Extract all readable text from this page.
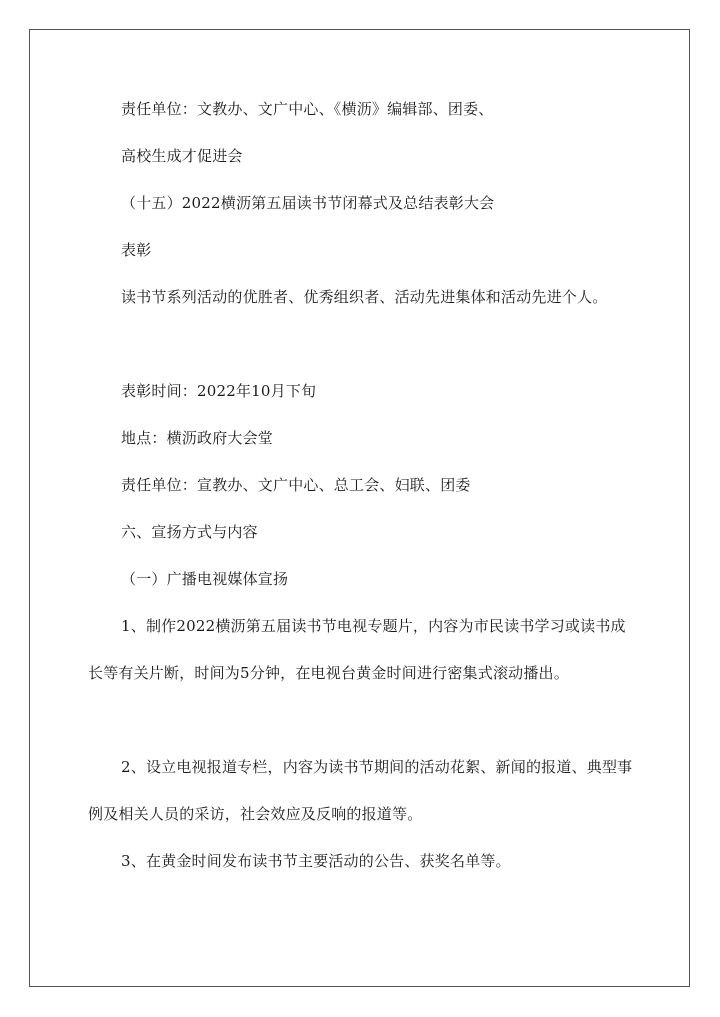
责任单位：文教办、文广中心、《横沥》编辑部、团委、

高校生成才促进会

（十五）2022横沥第五届读书节闭幕式及总结表彰大会

表彰

读书节系列活动的优胜者、优秀组织者、活动先进集体和活动先进个人。

表彰时间：2022年10月下旬

地点：横沥政府大会堂

责任单位：宣教办、文广中心、总工会、妇联、团委

六、宣扬方式与内容

（一）广播电视媒体宣扬

1、制作2022横沥第五届读书节电视专题片，内容为市民读书学习或读书成长等有关片断，时间为5分钟，在电视台黄金时间进行密集式滚动播出。

2、设立电视报道专栏，内容为读书节期间的活动花絮、新闻的报道、典型事例及相关人员的采访，社会效应及反响的报道等。

3、在黄金时间发布读书节主要活动的公告、获奖名单等。
